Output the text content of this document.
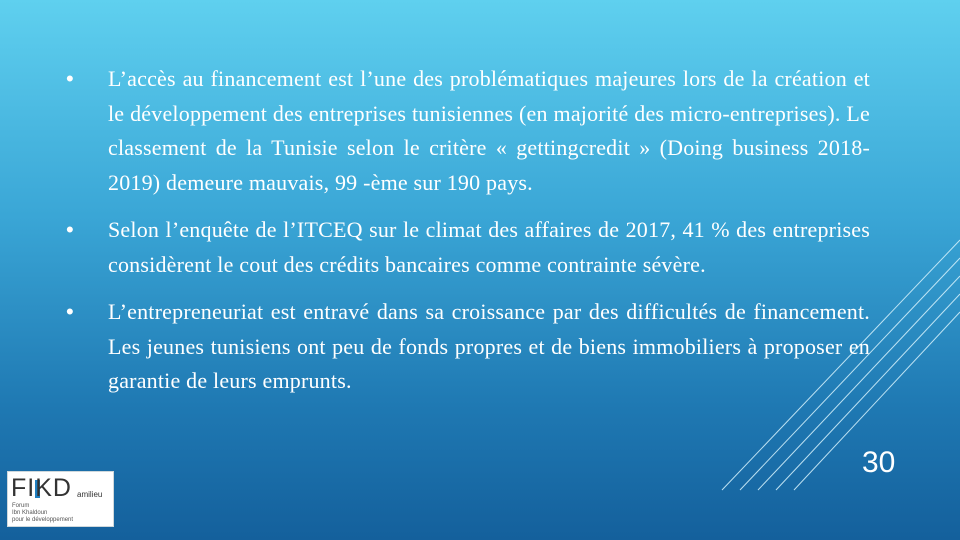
• L’accès au financement est l’une des problématiques majeures lors de la création et le développement des entreprises tunisiennes (en majorité des micro-entreprises). Le classement de la Tunisie selon le critère « gettingcredit » (Doing business 2018-2019) demeure mauvais, 99 -ème sur 190 pays.
• Selon l’enquête de l’ITCEQ sur le climat des affaires de 2017, 41 % des entreprises considèrent le cout des crédits bancaires comme contrainte sévère.
• L’entrepreneuriat est entravé dans sa croissance par des difficultés de financement. Les jeunes tunisiens ont peu de fonds propres et de biens immobiliers à proposer en garantie de leurs emprunts.
30
FIKD amilieu
Forum
Ibn Khaldoun
pour le développement
